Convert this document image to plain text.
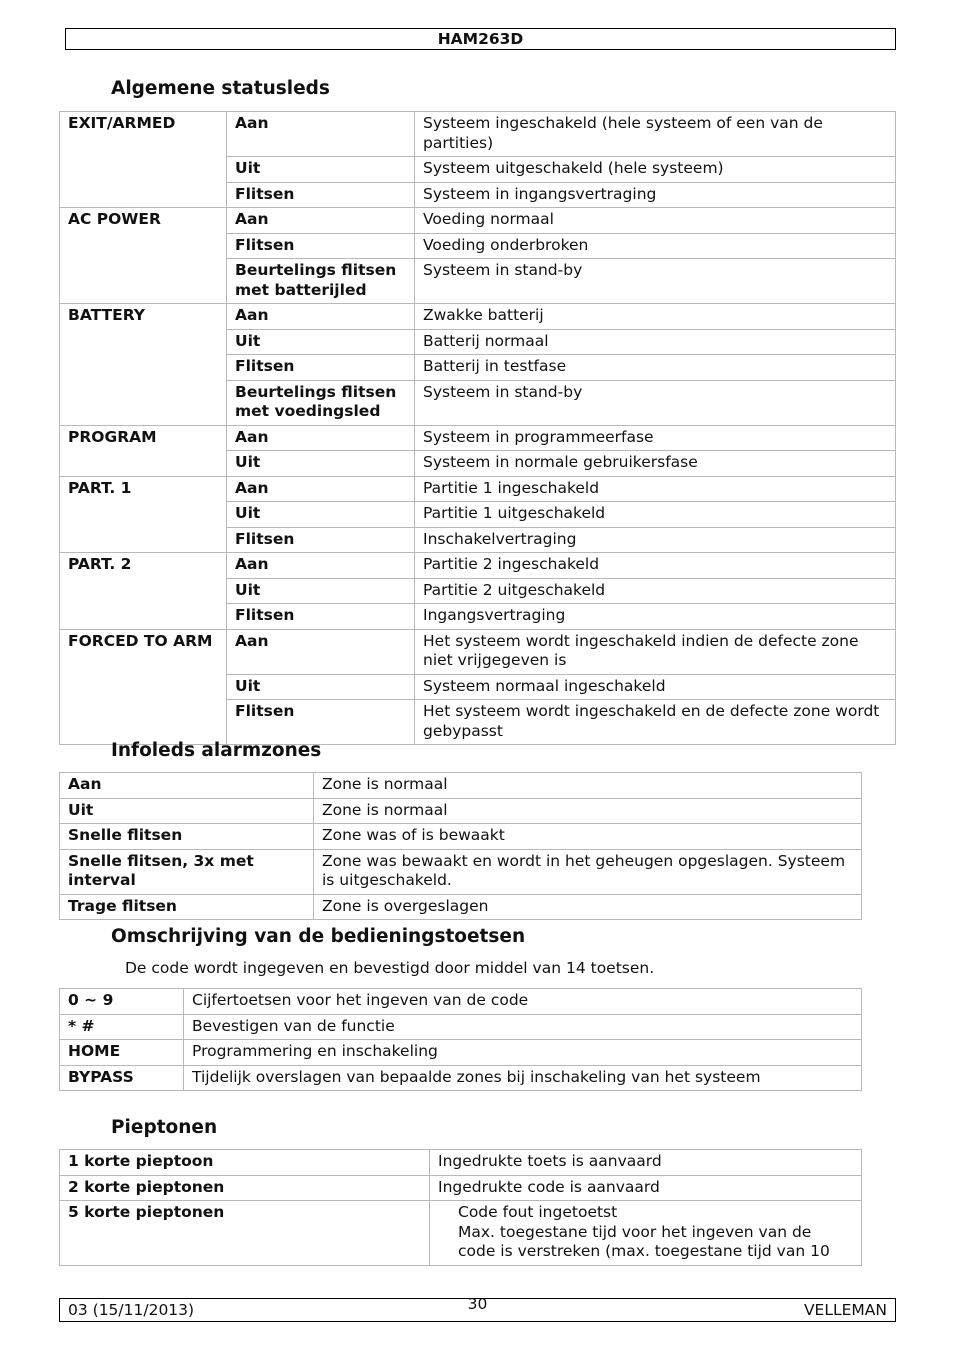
HAM263D
Algemene statusleds
EXIT/ARMED	Aan	Systeem ingeschakeld (hele systeem of een van de partities)
	Uit	Systeem uitgeschakeld (hele systeem)
	Flitsen	Systeem in ingangsvertraging
AC POWER	Aan	Voeding normaal
	Flitsen	Voeding onderbroken
	Beurtelings flitsen met batterijled	Systeem in stand-by
BATTERY	Aan	Zwakke batterij
	Uit	Batterij normaal
	Flitsen	Batterij in testfase
	Beurtelings flitsen met voedingsled	Systeem in stand-by
PROGRAM	Aan	Systeem in programmeerfase
	Uit	Systeem in normale gebruikersfase
PART. 1	Aan	Partitie 1 ingeschakeld
	Uit	Partitie 1 uitgeschakeld
	Flitsen	Inschakelvertraging
PART. 2	Aan	Partitie 2 ingeschakeld
	Uit	Partitie 2 uitgeschakeld
	Flitsen	Ingangsvertraging
FORCED TO ARM	Aan	Het systeem wordt ingeschakeld indien de defecte zone niet vrijgegeven is
	Uit	Systeem normaal ingeschakeld
	Flitsen	Het systeem wordt ingeschakeld en de defecte zone wordt gebypasst
Infoleds alarmzones
Aan	Zone is normaal
Uit	Zone is normaal
Snelle flitsen	Zone was of is bewaakt
Snelle flitsen, 3x met interval	Zone was bewaakt en wordt in het geheugen opgeslagen. Systeem is uitgeschakeld.
Trage flitsen	Zone is overgeslagen
Omschrijving van de bedieningstoetsen
De code wordt ingegeven en bevestigd door middel van 14 toetsen.
0 ~ 9	Cijfertoetsen voor het ingeven van de code
* #	Bevestigen van de functie
HOME	Programmering en inschakeling
BYPASS	Tijdelijk overslagen van bepaalde zones bij inschakeling van het systeem
Pieptonen
1 korte pieptoon	Ingedrukte toets is aanvaard
2 korte pieptonen	Ingedrukte code is aanvaard
5 korte pieptonen	Code fout ingetoetst
Max. toegestane tijd voor het ingeven van de code is verstreken (max. toegestane tijd van 10
03 (15/11/2013)	30	VELLEMAN
